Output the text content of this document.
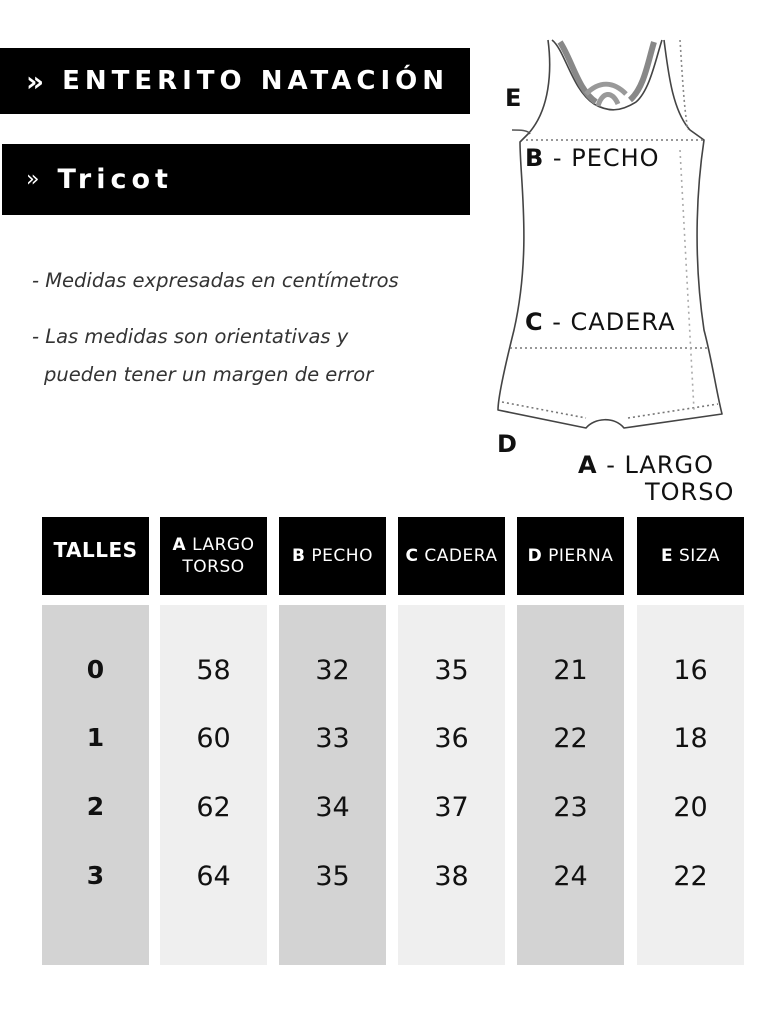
» ENTERITO NATACIÓN
» Tricot
- Medidas expresadas en centímetros
- Las medidas son orientativas y
pueden tener un margen de error
E
B - PECHO
C - CADERA
D
A - LARGO
TORSO
TALLES
0
1
2
3
A LARGO
TORSO
58
60
62
64
B PECHO
32
33
34
35
C CADERA
35
36
37
38
D PIERNA
21
22
23
24
E SIZA
16
18
20
22
